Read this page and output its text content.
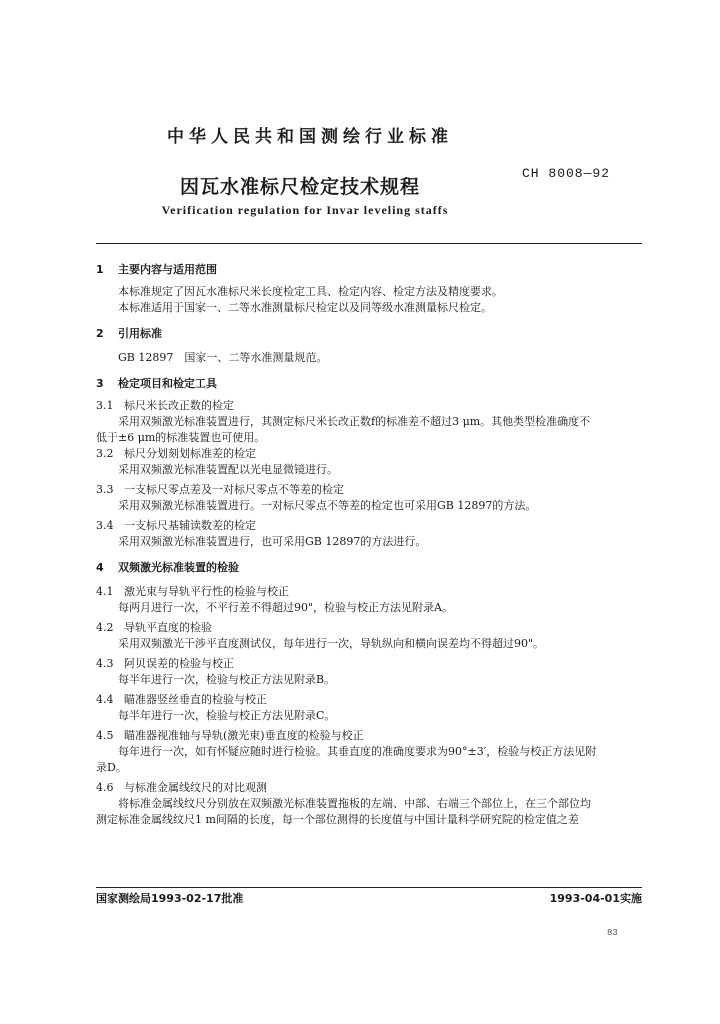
中华人民共和国测绘行业标准
因瓦水准标尺检定技术规程
CH 8008—92
Verification regulation for Invar leveling staffs

1 主要内容与适用范围

本标准规定了因瓦水准标尺米长度检定工具、检定内容、检定方法及精度要求。

本标准适用于国家一、二等水准测量标尺检定以及同等级水准测量标尺检定。

2 引用标准

GB 12897　国家一、二等水准测量规范。

3 检定项目和检定工具

3.1 标尺米长改正数的检定

采用双频激光标准装置进行，其测定标尺米长改正数f的标准差不超过3 μm。其他类型检准确度不

低于±6 μm的标准装置也可使用。

3.2 标尺分划刻划标准差的检定

采用双频激光标准装置配以光电显微镜进行。

3.3 一支标尺零点差及一对标尺零点不等差的检定

采用双频激光标准装置进行。一对标尺零点不等差的检定也可采用GB 12897的方法。

3.4 一支标尺基辅读数差的检定

采用双频激光标准装置进行，也可采用GB 12897的方法进行。

4 双频激光标准装置的检验

4.1 激光束与导轨平行性的检验与校正

每两月进行一次，不平行差不得超过90"，检验与校正方法见附录A。

4.2 导轨平直度的检验

采用双频激光干涉平直度测试仪，每年进行一次，导轨纵向和横向误差均不得超过90"。

4.3 阿贝误差的检验与校正

每半年进行一次，检验与校正方法见附录B。

4.4 瞄准器竖丝垂直的检验与校正

每半年进行一次，检验与校正方法见附录C。

4.5 瞄准器视准轴与导轨(激光束)垂直度的检验与校正

每年进行一次，如有怀疑应随时进行检验。其垂直度的准确度要求为90°±3′，检验与校正方法见附

录D。

4.6 与标准金属线纹尺的对比观测

将标准金属线纹尺分别放在双频激光标准装置拖板的左端、中部、右端三个部位上，在三个部位均

测定标准金属线纹尺1 m间隔的长度，每一个部位测得的长度值与中国计量科学研究院的检定值之差

国家测绘局1993-02-17批准	1993-04-01实施
83
